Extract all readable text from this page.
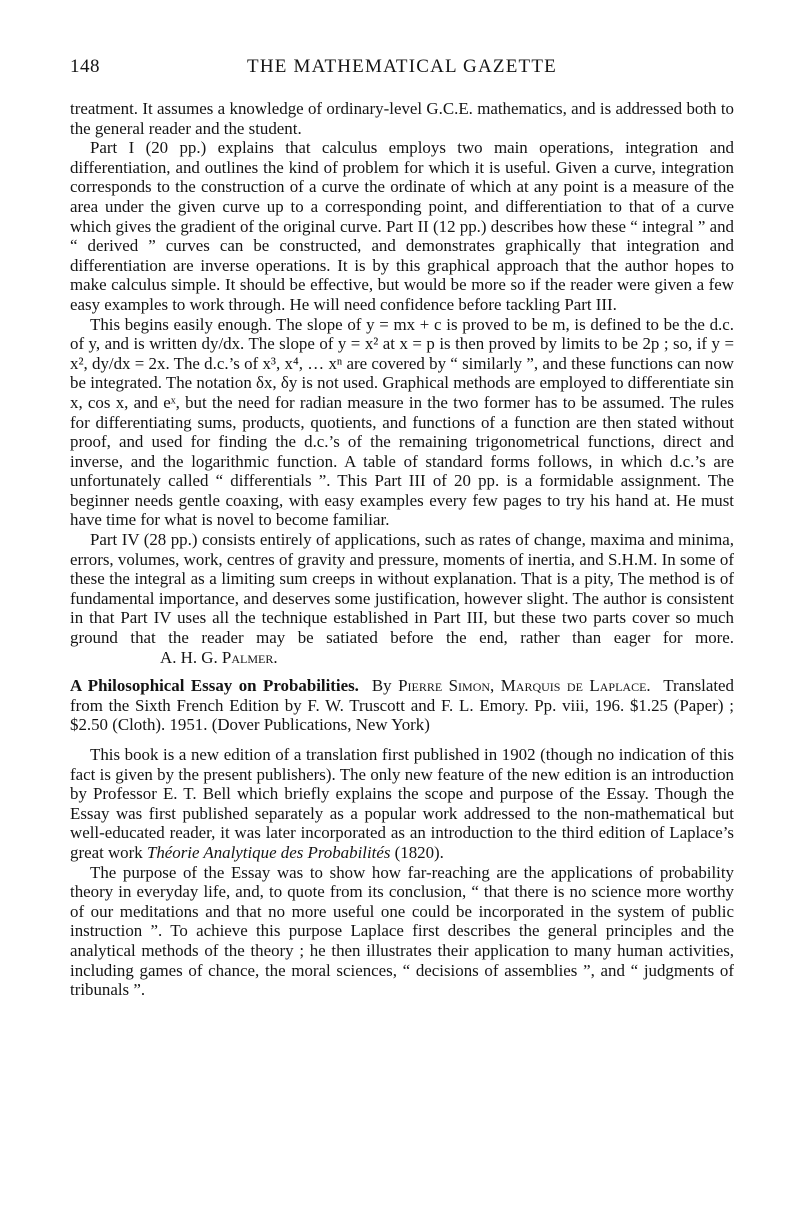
148	THE MATHEMATICAL GAZETTE

treatment. It assumes a knowledge of ordinary-level G.C.E. mathematics, and is addressed both to the general reader and the student.

Part I (20 pp.) explains that calculus employs two main operations, integration and differentiation, and outlines the kind of problem for which it is useful. Given a curve, integration corresponds to the construction of a curve the ordinate of which at any point is a measure of the area under the given curve up to a corresponding point, and differentiation to that of a curve which gives the gradient of the original curve. Part II (12 pp.) describes how these “ integral ” and “ derived ” curves can be constructed, and demonstrates graphically that integration and differentiation are inverse operations. It is by this graphical approach that the author hopes to make calculus simple. It should be effective, but would be more so if the reader were given a few easy examples to work through. He will need confidence before tackling Part III.

This begins easily enough. The slope of y = mx + c is proved to be m, is defined to be the d.c. of y, and is written dy/dx. The slope of y = x² at x = p is then proved by limits to be 2p ; so, if y = x², dy/dx = 2x. The d.c.’s of x³, x⁴, … xⁿ are covered by “ similarly ”, and these functions can now be integrated. The notation δx, δy is not used. Graphical methods are employed to differentiate sin x, cos x, and eˣ, but the need for radian measure in the two former has to be assumed. The rules for differentiating sums, products, quotients, and functions of a function are then stated without proof, and used for finding the d.c.’s of the remaining trigonometrical functions, direct and inverse, and the logarithmic function. A table of standard forms follows, in which d.c.’s are unfortunately called “ differentials ”. This Part III of 20 pp. is a formidable assignment. The beginner needs gentle coaxing, with easy examples every few pages to try his hand at. He must have time for what is novel to become familiar.

Part IV (28 pp.) consists entirely of applications, such as rates of change, maxima and minima, errors, volumes, work, centres of gravity and pressure, moments of inertia, and S.H.M. In some of these the integral as a limiting sum creeps in without explanation. That is a pity, The method is of fundamental importance, and deserves some justification, however slight. The author is consistent in that Part IV uses all the technique established in Part III, but these two parts cover so much ground that the reader may be satiated before the end, rather than eager for more.A. H. G. Palmer.

A Philosophical Essay on Probabilities. By Pierre Simon, Marquis de Laplace. Translated from the Sixth French Edition by F. W. Truscott and F. L. Emory. Pp. viii, 196. $1.25 (Paper) ; $2.50 (Cloth). 1951. (Dover Publications, New York)

This book is a new edition of a translation first published in 1902 (though no indication of this fact is given by the present publishers). The only new feature of the new edition is an introduction by Professor E. T. Bell which briefly explains the scope and purpose of the Essay. Though the Essay was first published separately as a popular work addressed to the non-mathematical but well-educated reader, it was later incorporated as an introduction to the third edition of Laplace’s great work Théorie Analytique des Probabilités (1820).

The purpose of the Essay was to show how far-reaching are the applications of probability theory in everyday life, and, to quote from its conclusion, “ that there is no science more worthy of our meditations and that no more useful one could be incorporated in the system of public instruction ”. To achieve this purpose Laplace first describes the general principles and the analytical methods of the theory ; he then illustrates their application to many human activities, including games of chance, the moral sciences, “ decisions of assemblies ”, and “ judgments of tribunals ”.
